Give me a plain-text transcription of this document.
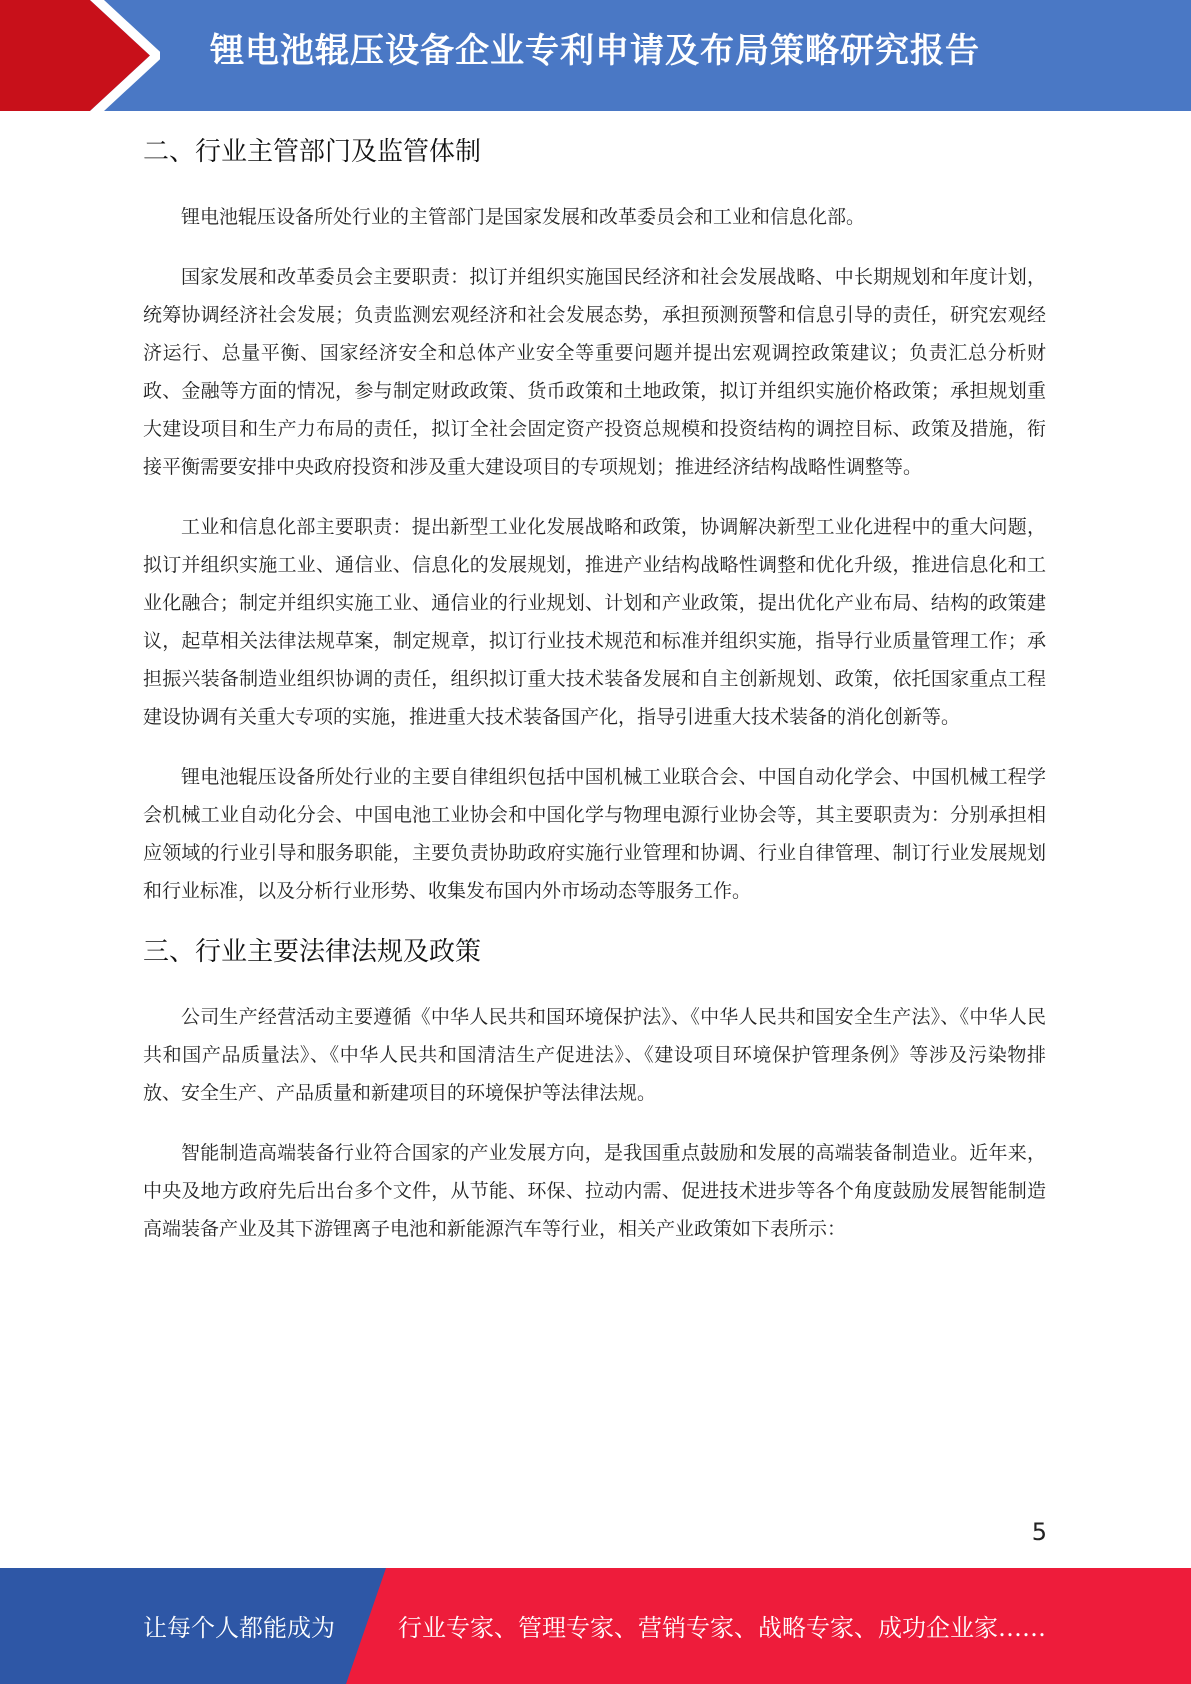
锂电池辊压设备企业专利申请及布局策略研究报告
二、行业主管部门及监管体制

锂电池辊压设备所处行业的主管部门是国家发展和改革委员会和工业和信息化部。

国家发展和改革委员会主要职责：拟订并组织实施国民经济和社会发展战略、中长期规划和年度计划，统筹协调经济社会发展；负责监测宏观经济和社会发展态势，承担预测预警和信息引导的责任，研究宏观经济运行、总量平衡、国家经济安全和总体产业安全等重要问题并提出宏观调控政策建议；负责汇总分析财政、金融等方面的情况，参与制定财政政策、货币政策和土地政策，拟订并组织实施价格政策；承担规划重大建设项目和生产力布局的责任，拟订全社会固定资产投资总规模和投资结构的调控目标、政策及措施，衔接平衡需要安排中央政府投资和涉及重大建设项目的专项规划；推进经济结构战略性调整等。

工业和信息化部主要职责：提出新型工业化发展战略和政策，协调解决新型工业化进程中的重大问题，拟订并组织实施工业、通信业、信息化的发展规划，推进产业结构战略性调整和优化升级，推进信息化和工业化融合；制定并组织实施工业、通信业的行业规划、计划和产业政策，提出优化产业布局、结构的政策建议，起草相关法律法规草案，制定规章，拟订行业技术规范和标准并组织实施，指导行业质量管理工作；承担振兴装备制造业组织协调的责任，组织拟订重大技术装备发展和自主创新规划、政策，依托国家重点工程建设协调有关重大专项的实施，推进重大技术装备国产化，指导引进重大技术装备的消化创新等。

锂电池辊压设备所处行业的主要自律组织包括中国机械工业联合会、中国自动化学会、中国机械工程学会机械工业自动化分会、中国电池工业协会和中国化学与物理电源行业协会等，其主要职责为：分别承担相应领域的行业引导和服务职能，主要负责协助政府实施行业管理和协调、行业自律管理、制订行业发展规划和行业标准，以及分析行业形势、收集发布国内外市场动态等服务工作。

三、行业主要法律法规及政策

公司生产经营活动主要遵循《中华人民共和国环境保护法》、《中华人民共和国安全生产法》、《中华人民共和国产品质量法》、《中华人民共和国清洁生产促进法》、《建设项目环境保护管理条例》等涉及污染物排放、安全生产、产品质量和新建项目的环境保护等法律法规。

智能制造高端装备行业符合国家的产业发展方向，是我国重点鼓励和发展的高端装备制造业。近年来，中央及地方政府先后出台多个文件，从节能、环保、拉动内需、促进技术进步等各个角度鼓励发展智能制造高端装备产业及其下游锂离子电池和新能源汽车等行业，相关产业政策如下表所示：

5
让每个人都能成为	行业专家、管理专家、营销专家、战略专家、成功企业家……
